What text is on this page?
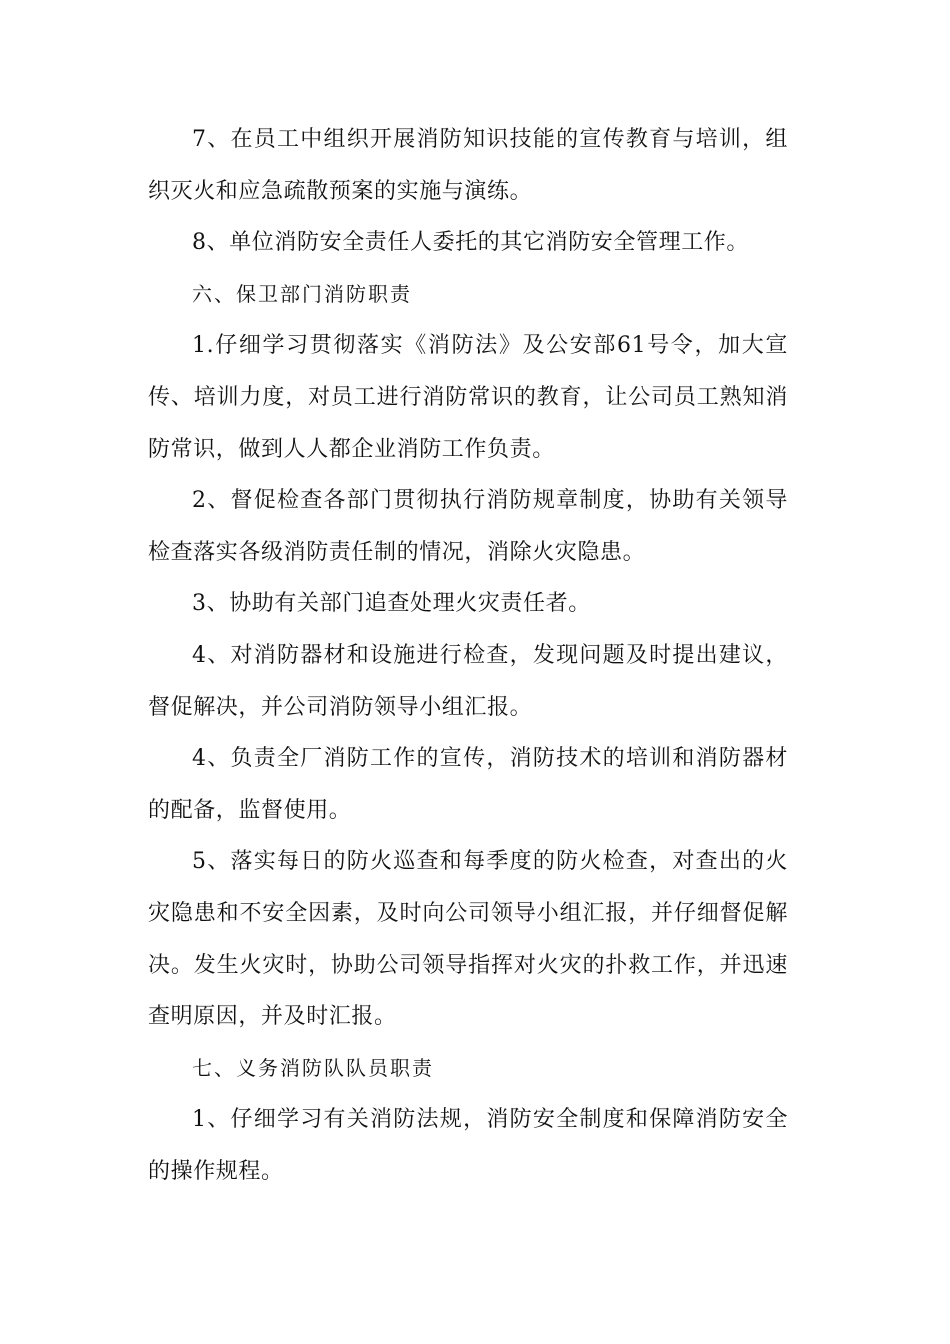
7、在员工中组织开展消防知识技能的宣传教育与培训，组织灭火和应急疏散预案的实施与演练。

8、单位消防安全责任人委托的其它消防安全管理工作。

六、保卫部门消防职责

1.仔细学习贯彻落实《消防法》及公安部61号令，加大宣传、培训力度，对员工进行消防常识的教育，让公司员工熟知消防常识，做到人人都企业消防工作负责。

2、督促检查各部门贯彻执行消防规章制度，协助有关领导检查落实各级消防责任制的情况，消除火灾隐患。

3、协助有关部门追查处理火灾责任者。

4、对消防器材和设施进行检查，发现问题及时提出建议，督促解决，并公司消防领导小组汇报。

4、负责全厂消防工作的宣传，消防技术的培训和消防器材的配备，监督使用。

5、落实每日的防火巡查和每季度的防火检查，对查出的火灾隐患和不安全因素，及时向公司领导小组汇报，并仔细督促解决。发生火灾时，协助公司领导指挥对火灾的扑救工作，并迅速查明原因，并及时汇报。

七、义务消防队队员职责

1、仔细学习有关消防法规，消防安全制度和保障消防安全的操作规程。
